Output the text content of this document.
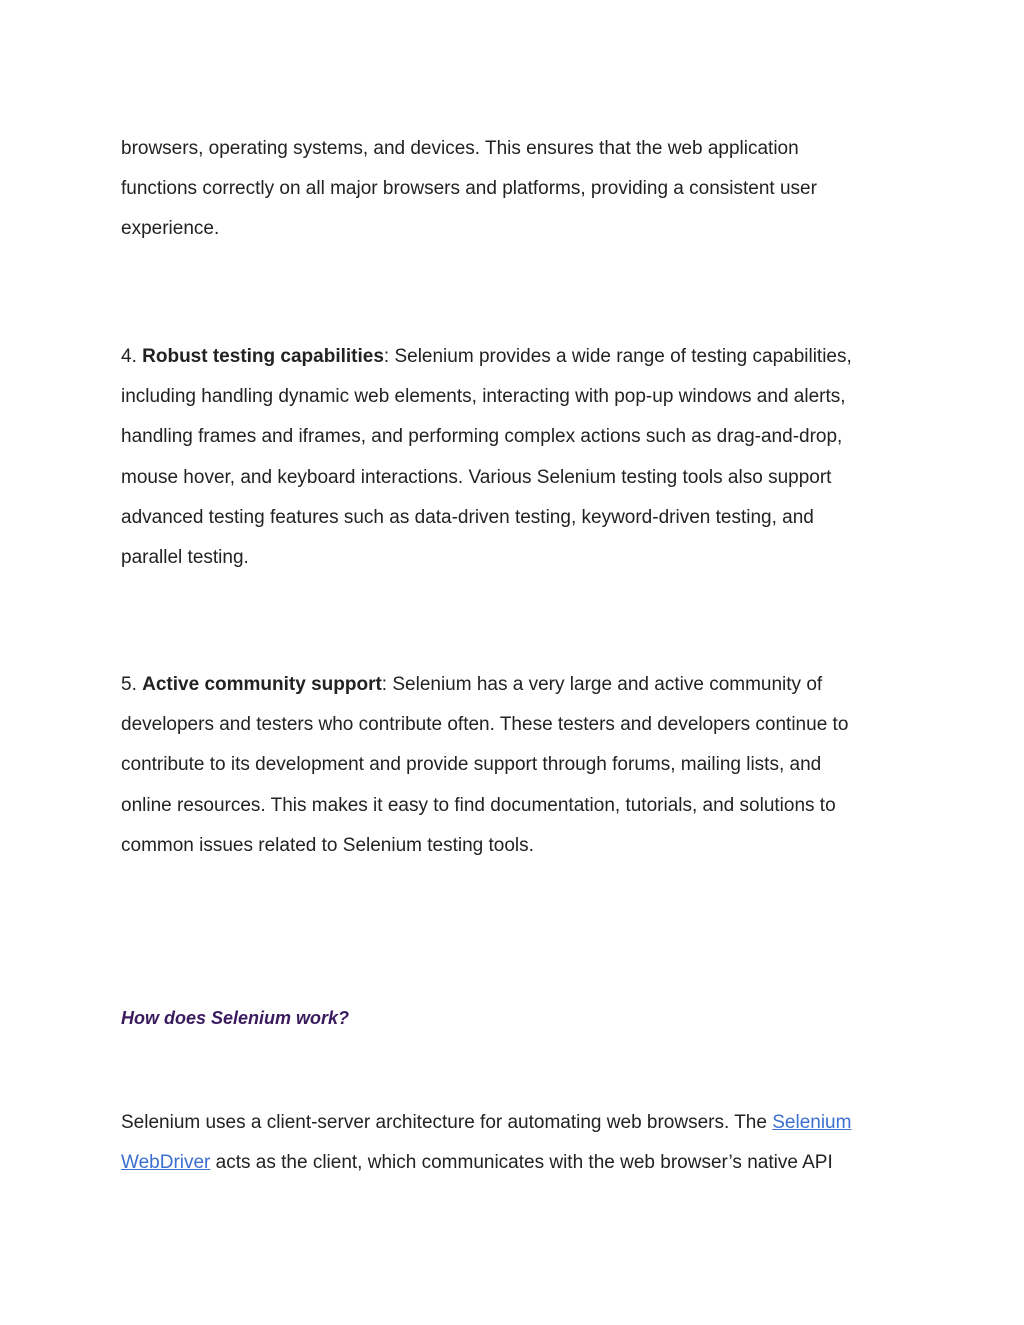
browsers, operating systems, and devices. This ensures that the web application
functions correctly on all major browsers and platforms, providing a consistent user
experience.
4. Robust testing capabilities: Selenium provides a wide range of testing capabilities,
including handling dynamic web elements, interacting with pop-up windows and alerts,
handling frames and iframes, and performing complex actions such as drag-and-drop,
mouse hover, and keyboard interactions. Various Selenium testing tools also support
advanced testing features such as data-driven testing, keyword-driven testing, and
parallel testing.
5. Active community support: Selenium has a very large and active community of
developers and testers who contribute often. These testers and developers continue to
contribute to its development and provide support through forums, mailing lists, and
online resources. This makes it easy to find documentation, tutorials, and solutions to
common issues related to Selenium testing tools.
How does Selenium work?
Selenium uses a client-server architecture for automating web browsers. The Selenium
WebDriver acts as the client, which communicates with the web browser’s native API
